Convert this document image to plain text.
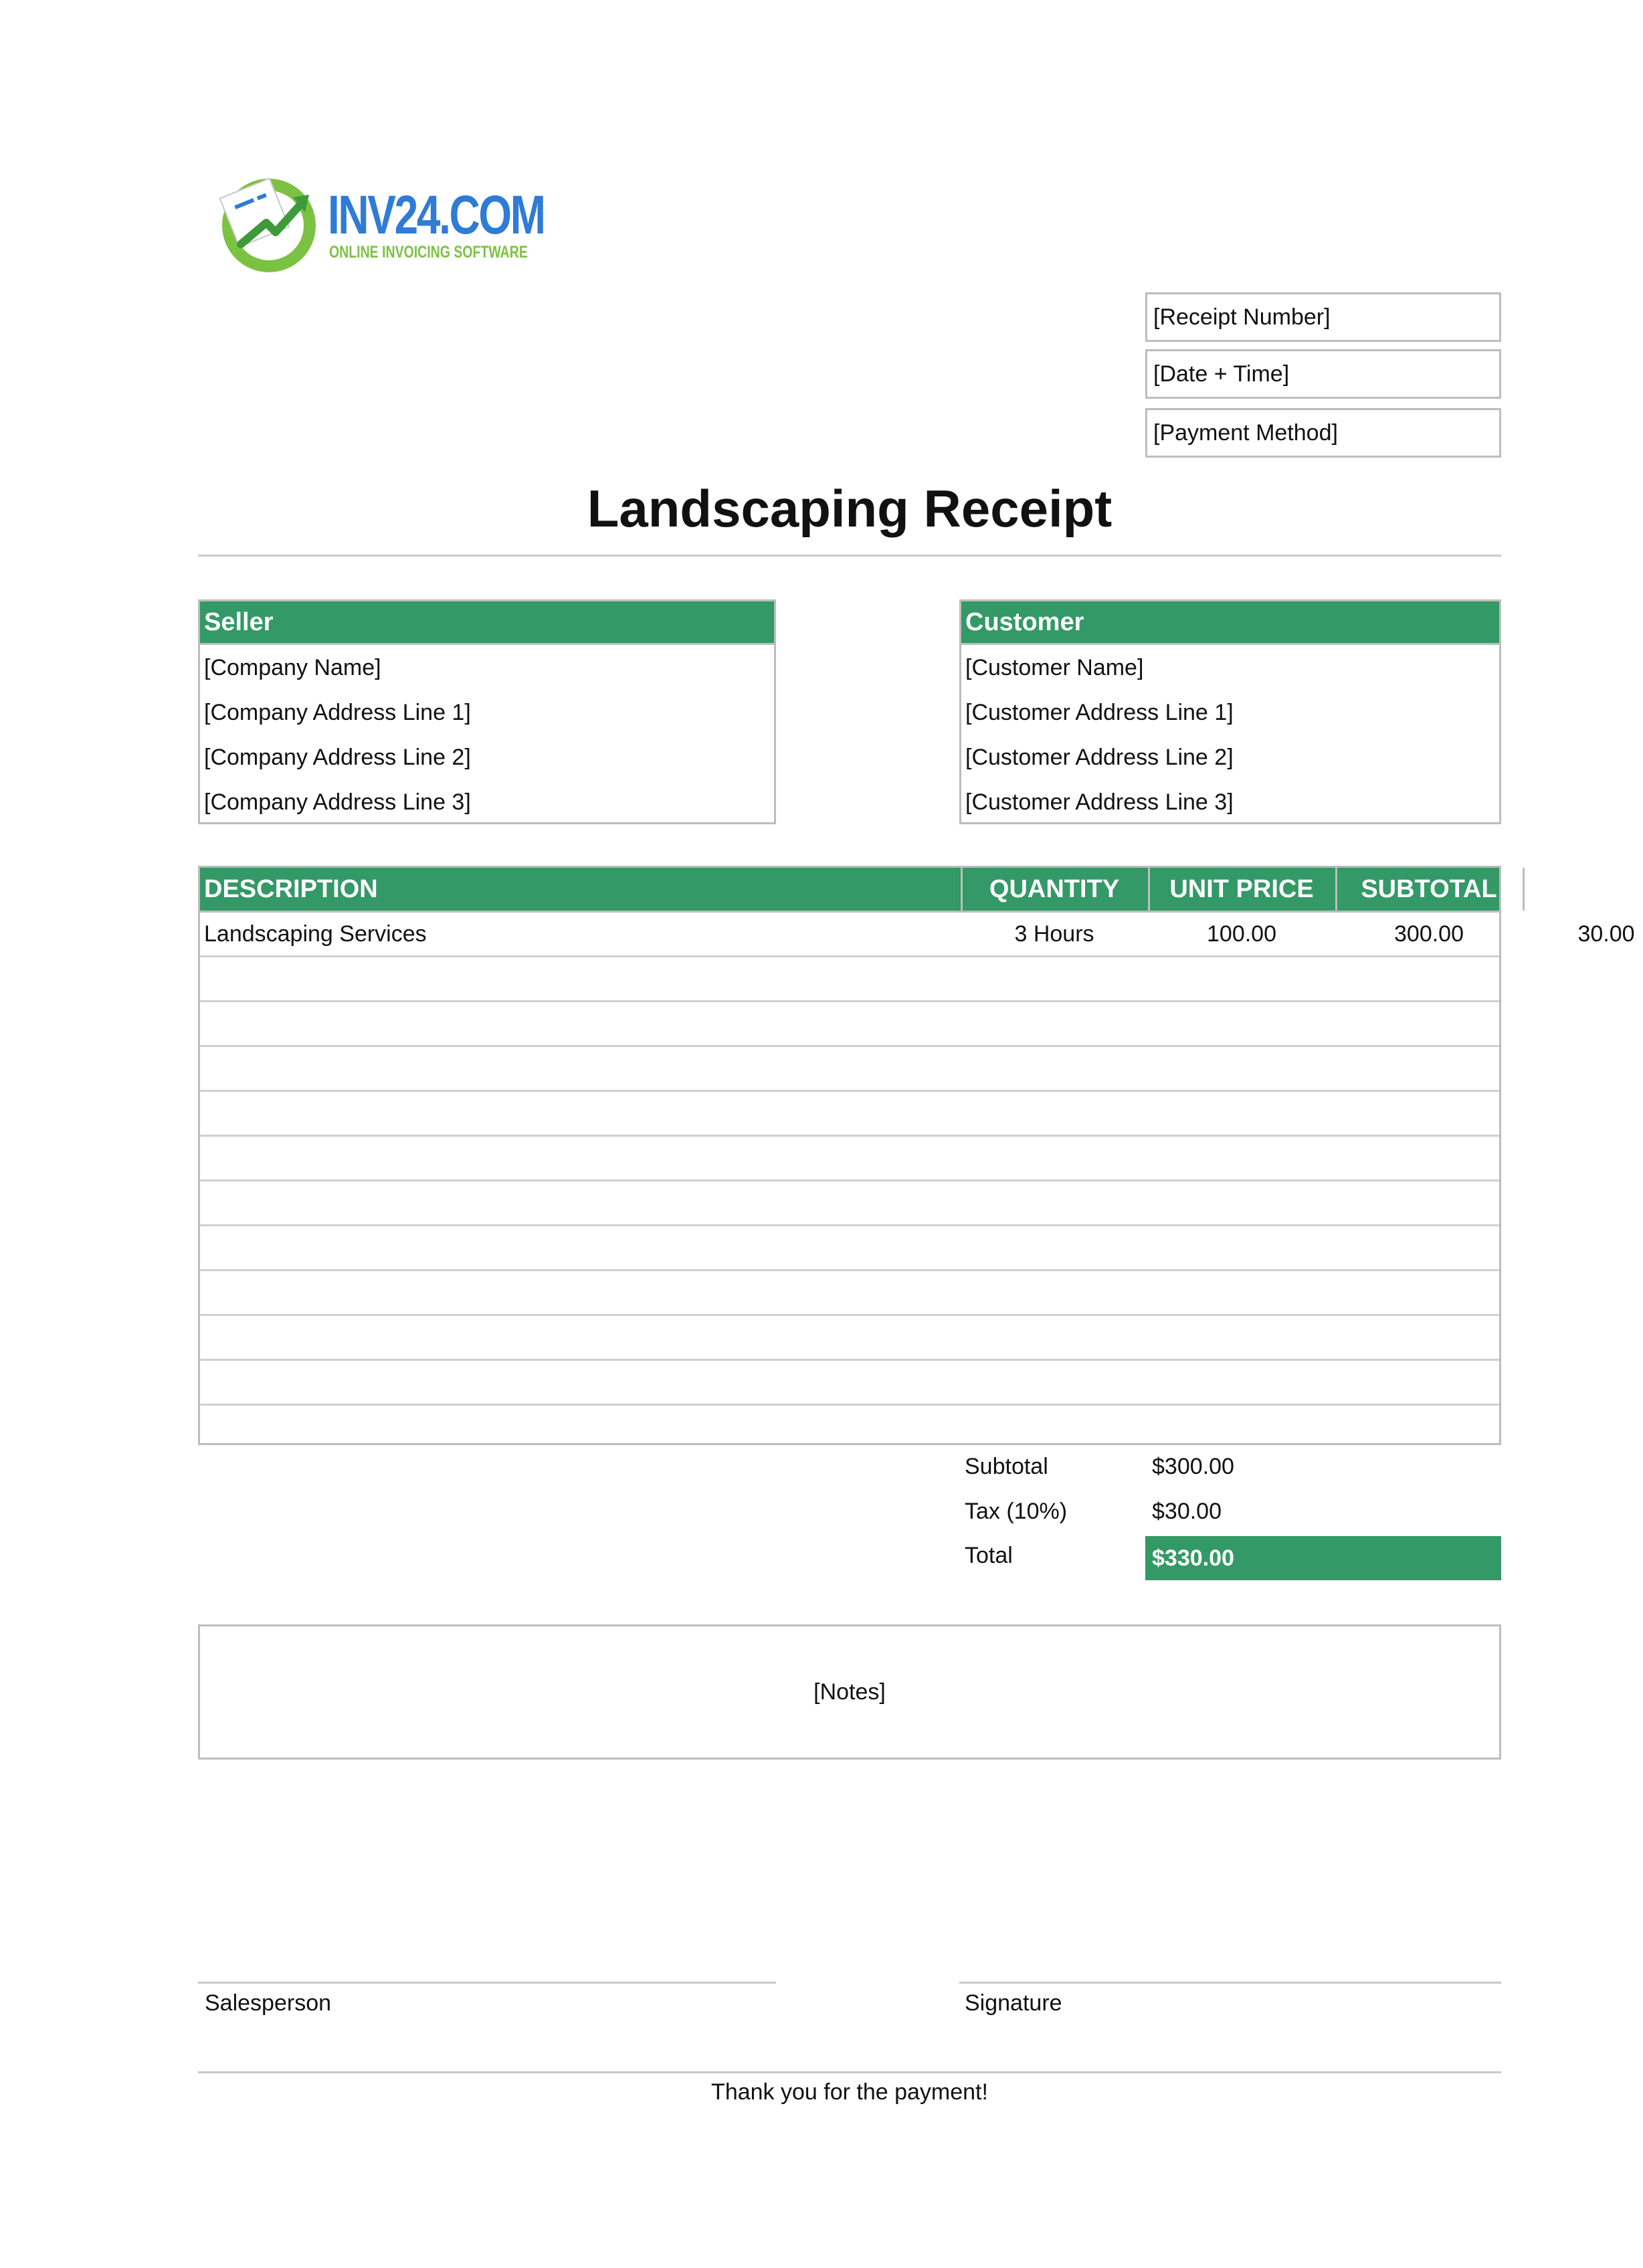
INV24.COM
ONLINE INVOICING SOFTWARE
[Receipt Number]
[Date + Time]
[Payment Method]
Landscaping Receipt
Seller
[Company Name]
[Company Address Line 1]
[Company Address Line 2]
[Company Address Line 3]
Customer
[Customer Name]
[Customer Address Line 1]
[Customer Address Line 2]
[Customer Address Line 3]
DESCRIPTION	QUANTITY	UNIT PRICE	SUBTOTAL	TAX
Landscaping Services	3 Hours	100.00	300.00	30.00
Subtotal	$300.00
Tax (10%)	$30.00
Total	$330.00
[Notes]
Salesperson	Signature
Thank you for the payment!
